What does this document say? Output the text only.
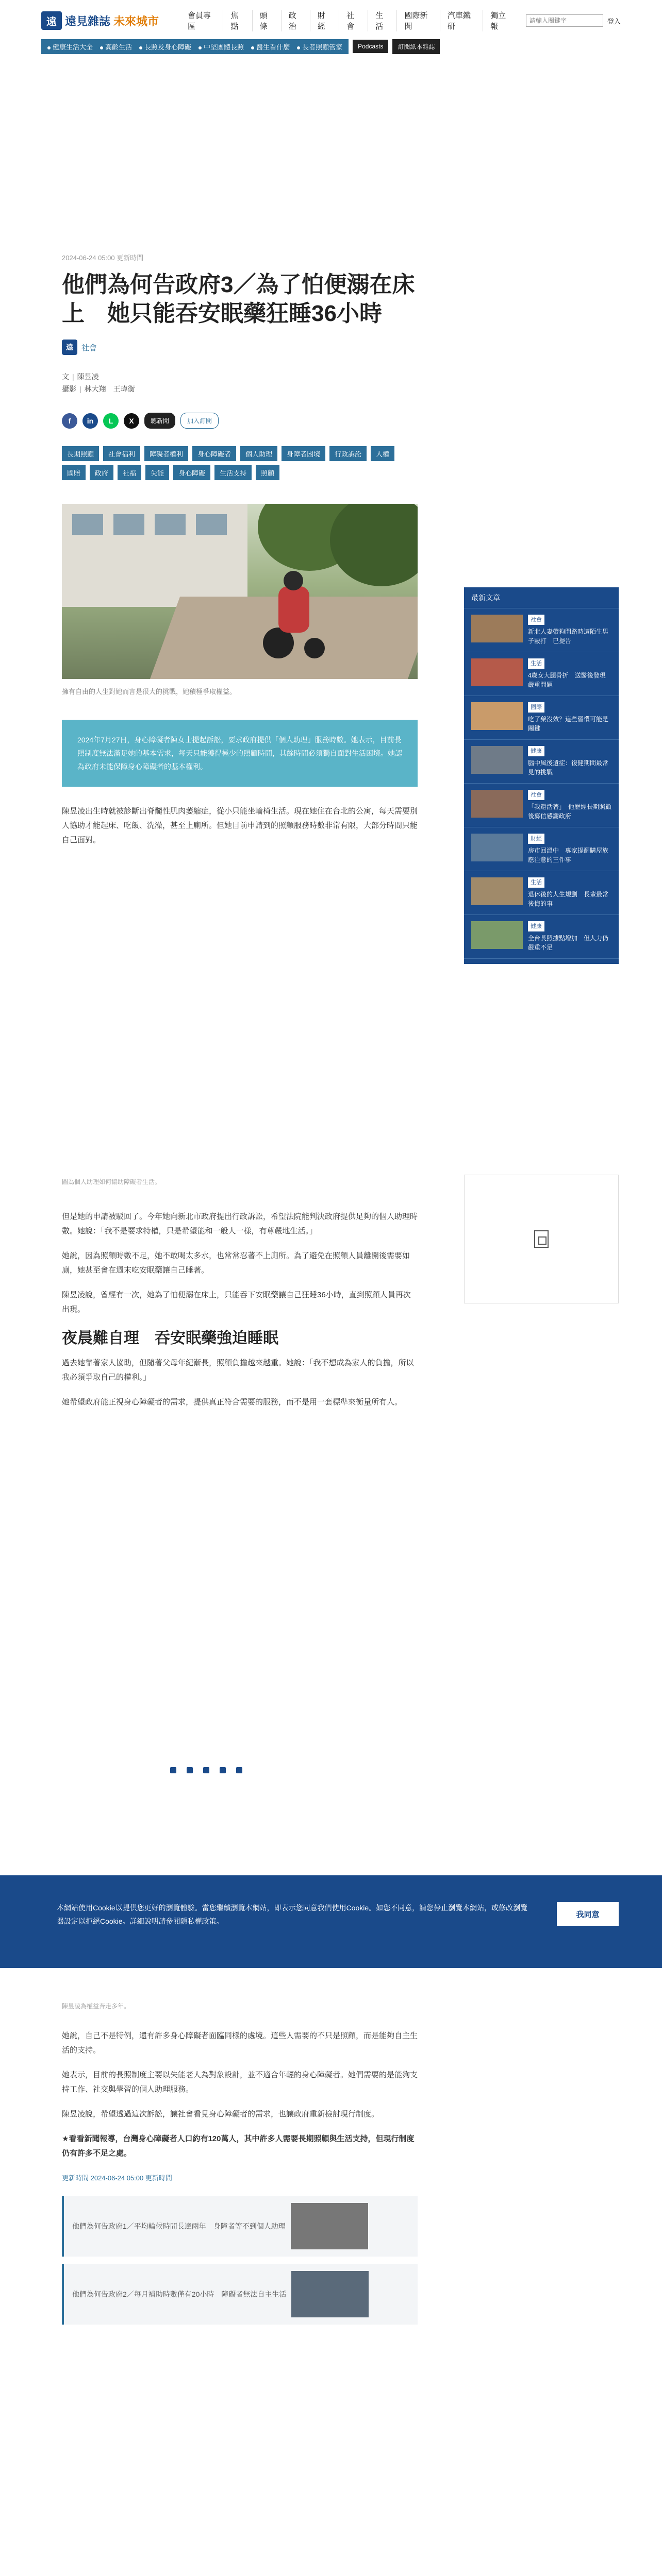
遠 遠見雜誌 未來城市	會員專區
焦點
頭條
政治
財經
社會
生活
國際新聞
汽車鐵研
獨立報
請輸入關鍵字
登入
健康生活大全	高齡生活	長照及身心障礙	中堅團體長照	醫生看什麼	長者照顧管家	Podcasts	訂閱紙本雜誌
2024-06-24 05:00 更新時間
他們為何告政府3／為了怕便溺在床上　她只能吞安眠藥狂睡36小時
遠	社會
文 | 陳昱凌
攝影 | 林大翔　王瑋衡
f	in	L	X	聽新聞	加入訂閱
長期照顧	社會福利	障礙者權利	身心障礙者	個人助理	身障者困境	行政訴訟	人權
國賠	政府	社福	失能	身心障礙	生活支持	照顧
擁有自由的人生對她而言是很大的挑戰，她積極爭取權益。

2024年7月27日，身心障礙者陳女士提起訴訟，要求政府提供「個人助理」服務時數。她表示，目前長照制度無法滿足她的基本需求，每天只能獲得極少的照顧時間，其餘時間必須獨自面對生活困境。她認為政府未能保障身心障礙者的基本權利。

陳昱凌出生時就被診斷出脊髓性肌肉萎縮症，從小只能坐輪椅生活。現在她住在台北的公寓，每天需要別人協助才能起床、吃飯、洗澡，甚至上廁所。但她目前申請到的照顧服務時數非常有限，大部分時間只能自己面對。

圖為個人助理如何協助障礙者生活。

但是她的申請被駁回了。今年她向新北市政府提出行政訴訟，希望法院能判決政府提供足夠的個人助理時數。她說：「我不是要求特權，只是希望能和一般人一樣，有尊嚴地生活。」

她說，因為照顧時數不足，她不敢喝太多水，也常常忍著不上廁所。為了避免在照顧人員離開後需要如廁，她甚至會在週末吃安眠藥讓自己睡著。

陳昱凌說，曾經有一次，她為了怕便溺在床上，只能吞下安眠藥讓自己狂睡36小時，直到照顧人員再次出現。

夜晨難自理　吞安眠藥強迫睡眠

過去她靠著家人協助，但隨著父母年紀漸長，照顧負擔越來越重。她說：「我不想成為家人的負擔，所以我必須爭取自己的權利。」

她希望政府能正視身心障礙者的需求，提供真正符合需要的服務，而不是用一套標準來衡量所有人。

最新文章
社會
新北人妻帶狗問路時遭陌生男子毆打　已提告
生活
4歲女大腿骨折　送醫後發現嚴重問題
國際
吃了藥沒效？這些習慣可能是關鍵
健康
腦中風後遺症：復健期間最常見的挑戰
社會
「我還活著」　他歷經長期照顧後寫信感謝政府
財經
房市回溫中　專家提醒購屋族應注意的三件事
生活
退休後的人生規劃　長輩最常後悔的事
健康
全台長照據點增加　但人力仍嚴重不足

本網站使用Cookie以提供您更好的瀏覽體驗。當您繼續瀏覽本網站，即表示您同意我們使用Cookie。如您不同意，請您停止瀏覽本網站，或修改瀏覽器設定以拒絕Cookie。詳細說明請參閱隱私權政策。

我同意
陳昱凌為權益奔走多年。

她說，自己不是特例，還有許多身心障礙者面臨同樣的處境。這些人需要的不只是照顧，而是能夠自主生活的支持。

她表示，目前的長照制度主要以失能老人為對象設計，並不適合年輕的身心障礙者。她們需要的是能夠支持工作、社交與學習的個人助理服務。

陳昱凌說，希望透過這次訴訟，讓社會看見身心障礙者的需求，也讓政府重新檢討現行制度。

★看看新聞報導，台灣身心障礙者人口約有120萬人，其中許多人需要長期照顧與生活支持，但現行制度仍有許多不足之處。

更新時間 2024-06-24 05:00 更新時間

他們為何告政府1／平均輪候時間長達兩年　身障者等不到個人助理
他們為何告政府2／每月補助時數僅有20小時　障礙者無法自主生活
